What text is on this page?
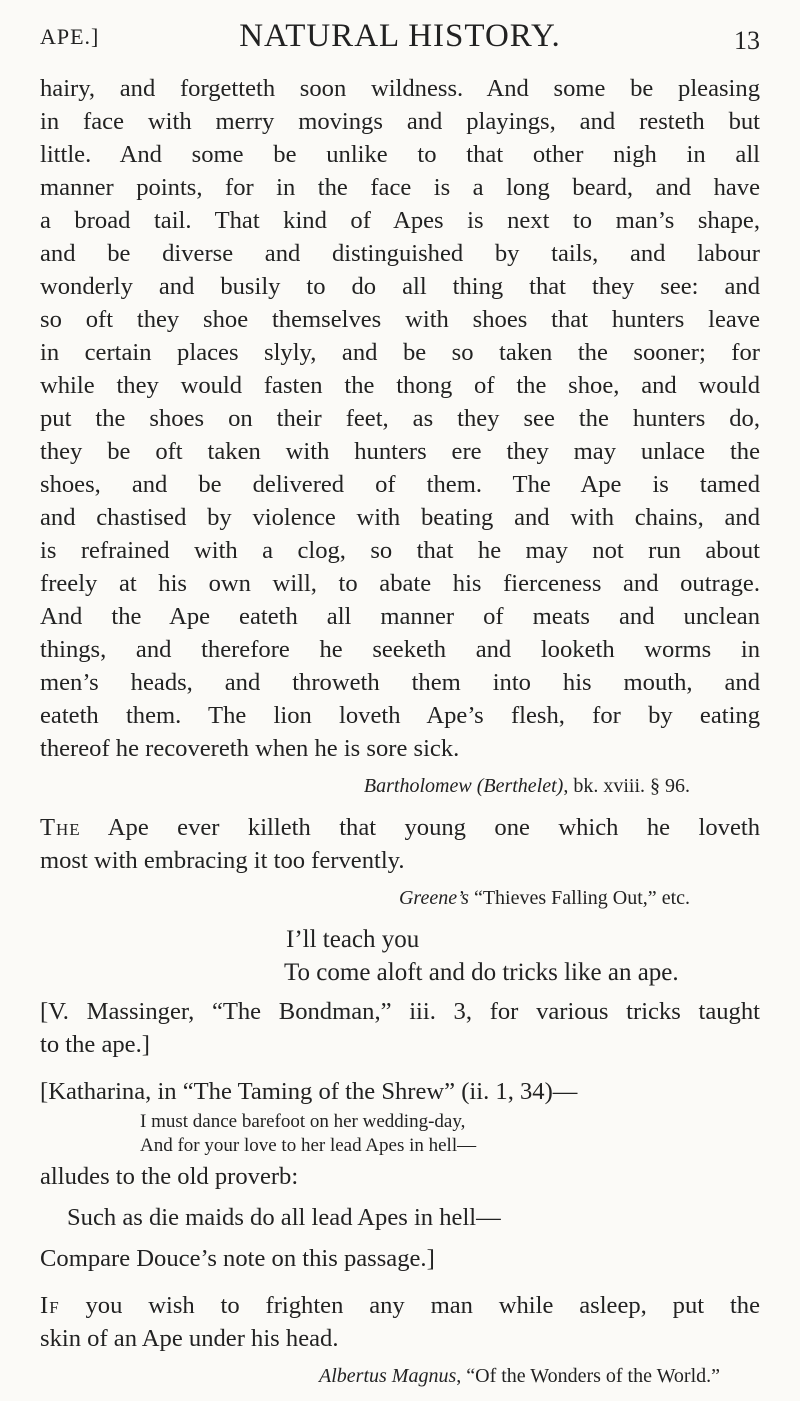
APE.]	NATURAL HISTORY.	13

hairy, and forgetteth soon wildness. And some be pleasing
in face with merry movings and playings, and resteth but
little. And some be unlike to that other nigh in all
manner points, for in the face is a long beard, and have
a broad tail. That kind of Apes is next to man’s shape,
and be diverse and distinguished by tails, and labour
wonderly and busily to do all thing that they see: and
so oft they shoe themselves with shoes that hunters leave
in certain places slyly, and be so taken the sooner; for
while they would fasten the thong of the shoe, and would
put the shoes on their feet, as they see the hunters do,
they be oft taken with hunters ere they may unlace the
shoes, and be delivered of them. The Ape is tamed
and chastised by violence with beating and with chains, and
is refrained with a clog, so that he may not run about
freely at his own will, to abate his fierceness and outrage.
And the Ape eateth all manner of meats and unclean
things, and therefore he seeketh and looketh worms in
men’s heads, and throweth them into his mouth, and
eateth them. The lion loveth Ape’s flesh, for by eating
thereof he recovereth when he is sore sick.

Bartholomew (Berthelet), bk. xviii. § 96.

The Ape ever killeth that young one which he loveth
most with embracing it too fervently.

Greene’s “Thieves Falling Out,” etc.
I’ll teach you
To come aloft and do tricks like an ape.

[V. Massinger, “The Bondman,” iii. 3, for various tricks taught
to the ape.]

[Katharina, in “The Taming of the Shrew” (ii. 1, 34)—

I must dance barefoot on her wedding-day,
And for your love to her lead Apes in hell—

alludes to the old proverb:

Such as die maids do all lead Apes in hell—

Compare Douce’s note on this passage.]

If you wish to frighten any man while asleep, put the
skin of an Ape under his head.

Albertus Magnus, “Of the Wonders of the World.”
